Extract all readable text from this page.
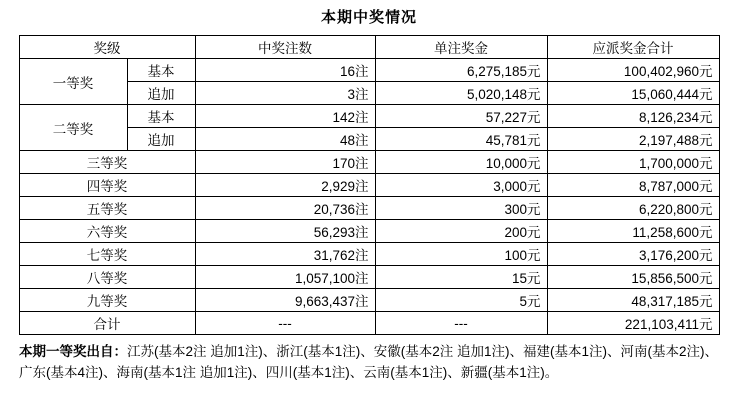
本期中奖情况
奖级		中奖注数	单注奖金	应派奖金合计
一等奖	基本	16注	6,275,185元	100,402,960元
	追加	3注	5,020,148元	15,060,444元
二等奖	基本	142注	57,227元	8,126,234元
	追加	48注	45,781元	2,197,488元
三等奖		170注	10,000元	1,700,000元
四等奖		2,929注	3,000元	8,787,000元
五等奖		20,736注	300元	6,220,800元
六等奖		56,293注	200元	11,258,600元
七等奖		31,762注	100元	3,176,200元
八等奖		1,057,100注	15元	15,856,500元
九等奖		9,663,437注	5元	48,317,185元
合计		---	---	221,103,411元
本期一等奖出自：江苏(基本2注 追加1注)、浙江(基本1注)、安徽(基本2注 追加1注)、福建(基本1注)、河南(基本2注)、广东(基本4注)、海南(基本1注 追加1注)、四川(基本1注)、云南(基本1注)、新疆(基本1注)。
